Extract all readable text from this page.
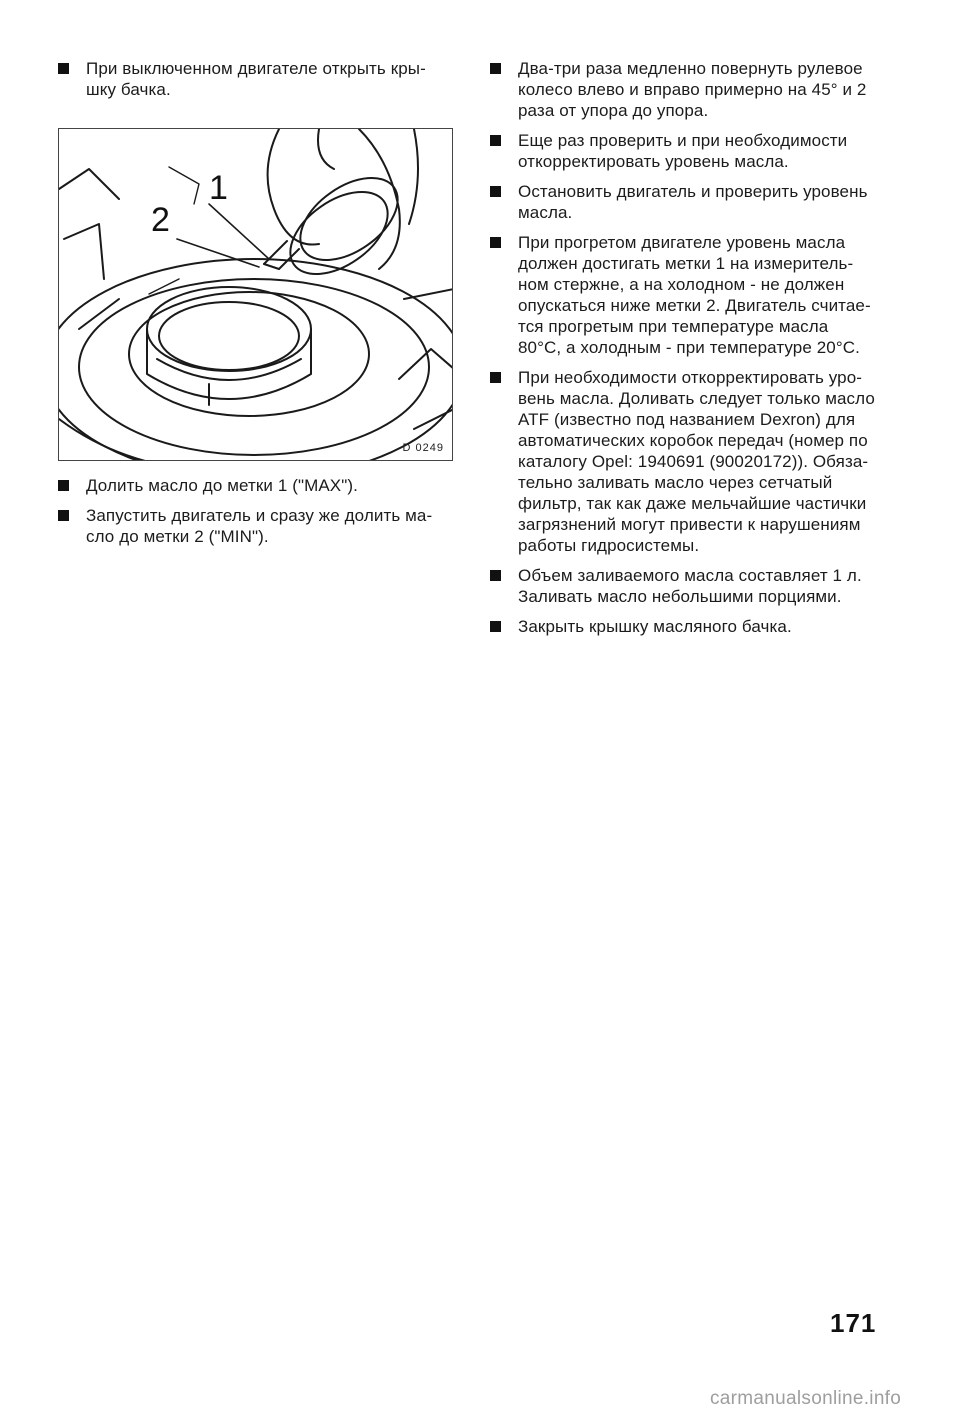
При выключенном двигателе открыть кры-
шку бачка.
1
2
D 0249
Долить масло до метки 1 ("MAX").
Запустить двигатель и сразу же долить ма-
сло до метки 2 ("MIN").
Два-три раза медленно повернуть рулевое
колесо влево и вправо примерно на 45° и 2
раза от упора до упора.
Еще раз проверить и при необходимости
откорректировать уровень масла.
Остановить двигатель и проверить уровень
масла.
При прогретом двигателе уровень масла
должен достигать метки 1 на измеритель-
ном стержне, а на холодном - не должен
опускаться ниже метки 2. Двигатель считае-
тся прогретым при температуре масла
80°C, а холодным - при температуре 20°C.
При необходимости откорректировать уро-
вень масла. Доливать следует только масло
ATF (известно под названием Dexron) для
автоматических коробок передач (номер по
каталогу Opel: 1940691 (90020172)). Обяза-
тельно заливать масло через сетчатый
фильтр, так как даже мельчайшие частички
загрязнений могут привести к нарушениям
работы гидросистемы.
Объем заливаемого масла составляет 1 л.
Заливать масло небольшими порциями.
Закрыть крышку масляного бачка.
171
carmanualsonline.info
